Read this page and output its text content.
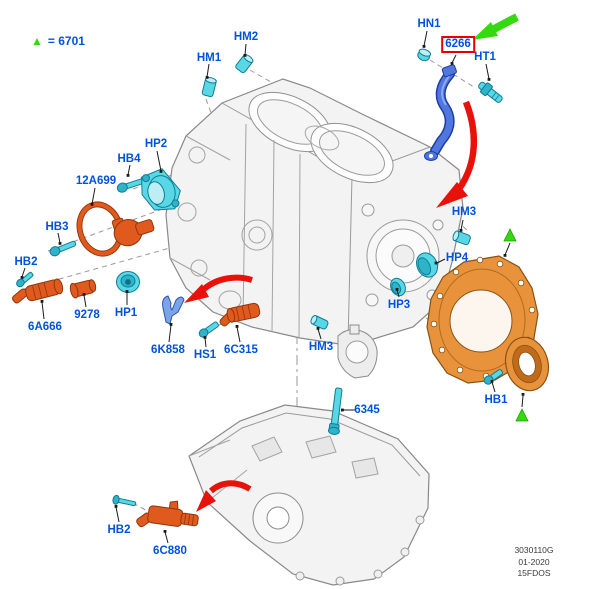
▲ = 6701
HM1
HM2
HN1
6266
HT1
HB4
HP2
12A699
HB3
HB2
6A666
9278 HP1
6K858 HS1 6C315	HM3
6345
HM3
HP4
HP3
HB1
HB2
6C880	3030110G
01-2020
15FDOS
